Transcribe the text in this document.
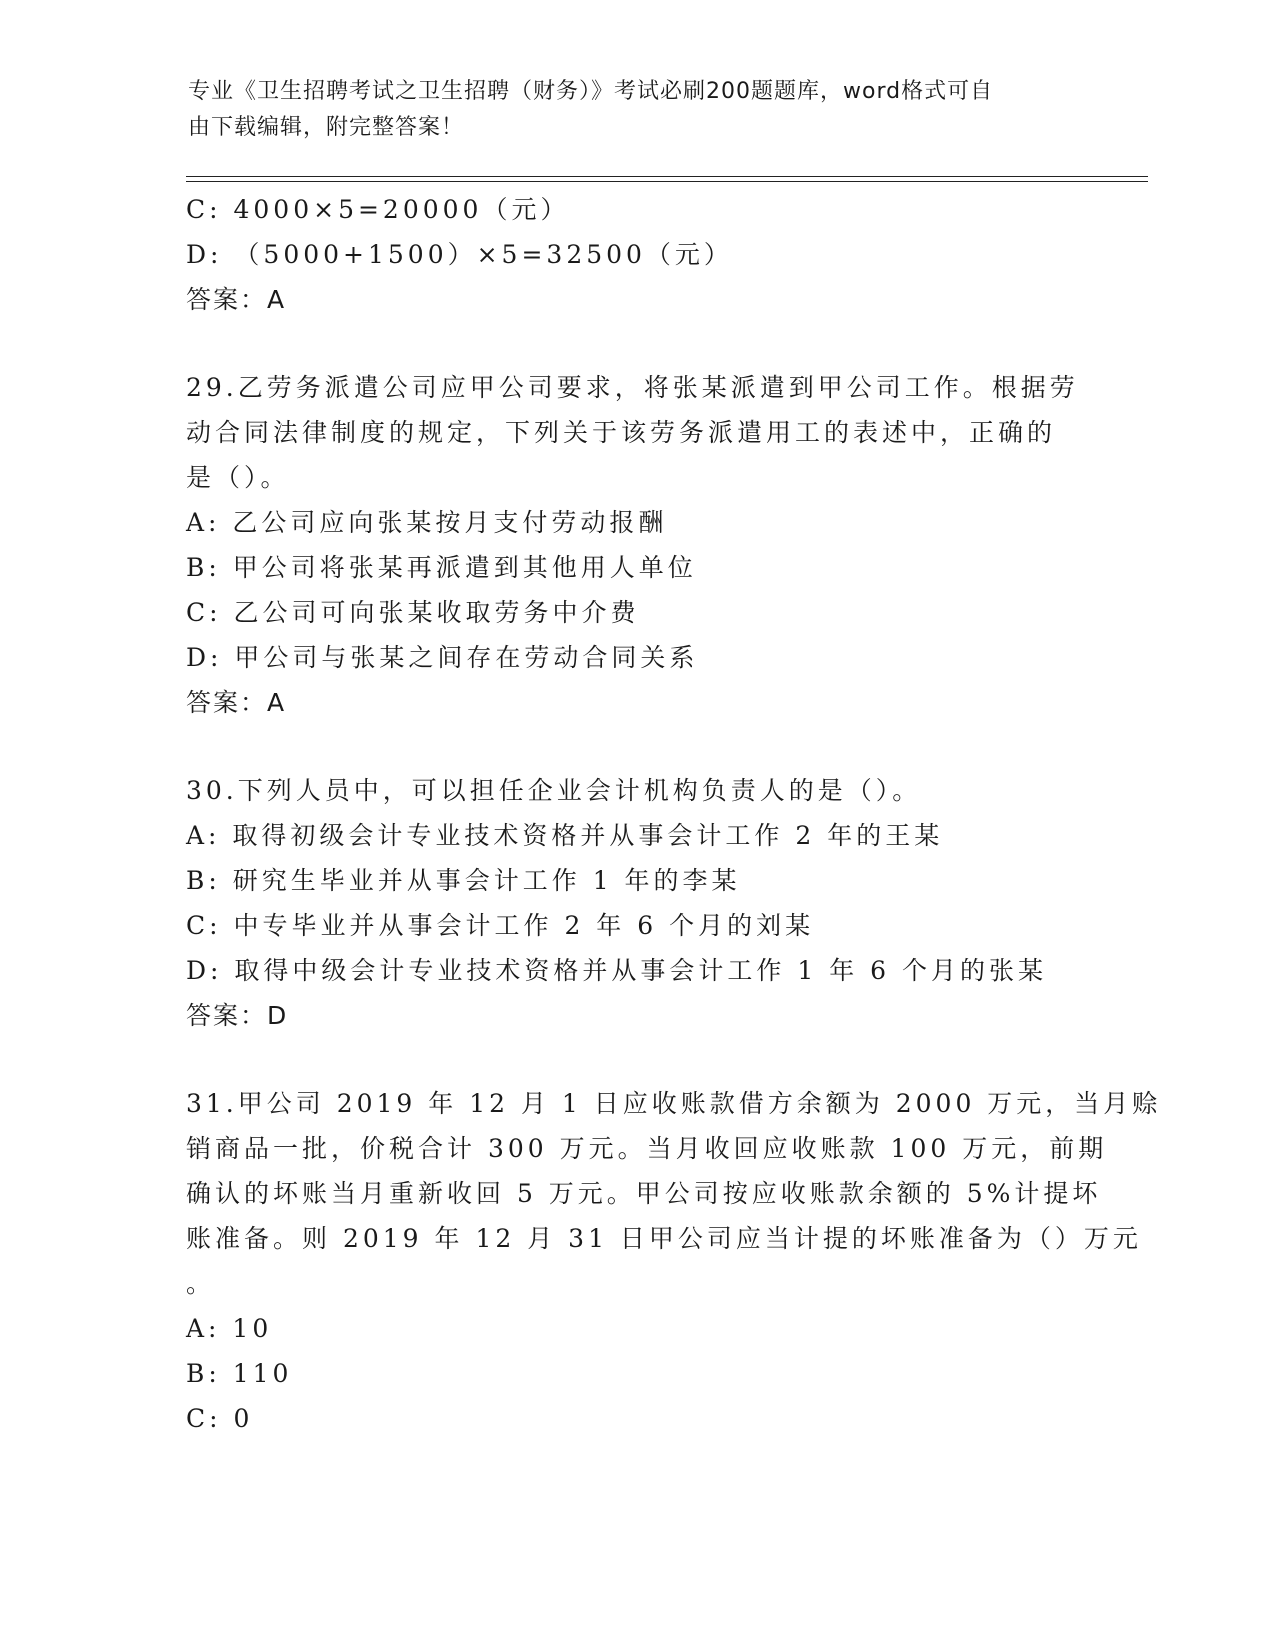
专业《卫生招聘考试之卫生招聘（财务）》考试必刷200题题库，word格式可自
由下载编辑，附完整答案！
C: 4000×5=20000（元）
D: （5000+1500）×5=32500（元）
答案：A
29.乙劳务派遣公司应甲公司要求，将张某派遣到甲公司工作。根据劳
动合同法律制度的规定，下列关于该劳务派遣用工的表述中，正确的
是（）。
A: 乙公司应向张某按月支付劳动报酬
B: 甲公司将张某再派遣到其他用人单位
C: 乙公司可向张某收取劳务中介费
D: 甲公司与张某之间存在劳动合同关系
答案：A
30.下列人员中，可以担任企业会计机构负责人的是（）。
A: 取得初级会计专业技术资格并从事会计工作 2 年的王某
B: 研究生毕业并从事会计工作 1 年的李某
C: 中专毕业并从事会计工作 2 年 6 个月的刘某
D: 取得中级会计专业技术资格并从事会计工作 1 年 6 个月的张某
答案：D
31.甲公司 2019 年 12 月 1 日应收账款借方余额为 2000 万元，当月赊
销商品一批，价税合计 300 万元。当月收回应收账款 100 万元，前期
确认的坏账当月重新收回 5 万元。甲公司按应收账款余额的 5%计提坏
账准备。则 2019 年 12 月 31 日甲公司应当计提的坏账准备为（）万元
。
A: 10
B: 110
C: 0
